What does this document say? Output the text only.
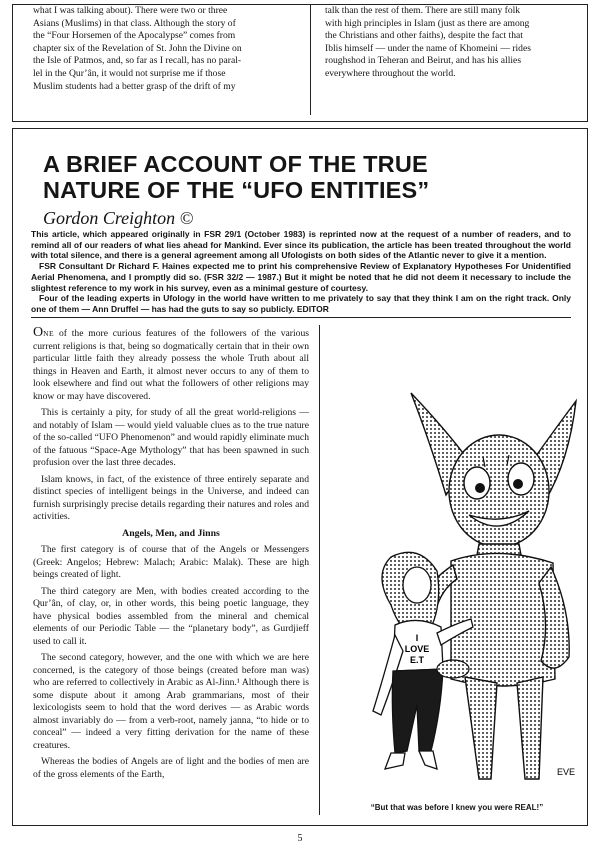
what I was talking about). There were two or three

Asians (Muslims) in that class. Although the story of

the “Four Horsemen of the Apocalypse” comes from

chapter six of the Revelation of St. John the Divine on

the Isle of Patmos, and, so far as I recall, has no paral-

lel in the Qur’ân, it would not surprise me if those

Muslim students had a better grasp of the drift of my

talk than the rest of them. There are still many folk

with high principles in Islam (just as there are among

the Christians and other faiths), despite the fact that

Iblis himself — under the name of Khomeini — rides

roughshod in Teheran and Beirut, and has his allies

everywhere throughout the world.

A BRIEF ACCOUNT OF THE TRUE
NATURE OF THE “UFO ENTITIES”
Gordon Creighton ©

This article, which appeared originally in FSR 29/1 (October 1983) is reprinted now at the request of a number of readers, and to remind all of our readers of what lies ahead for Mankind. Ever since its publication, the article has been treated throughout the world with total silence, and there is a general agreement among all Ufologists on both sides of the Atlantic never to give it a mention.

FSR Consultant Dr Richard F. Haines expected me to print his comprehensive Review of Explanatory Hypotheses For Unidentified Aerial Phenomena, and I promptly did so. (FSR 32/2 — 1987.) But it might be noted that he did not deem it necessary to include the slightest reference to my work in his survey, even as a minimal gesture of courtesy.

Four of the leading experts in Ufology in the world have written to me privately to say that they think I am on the right track. Only one of them — Ann Druffel — has had the guts to say so publicly. EDITOR

ONE of the more curious features of the followers of the various current religions is that, being so dogmatically certain that in their own particular little faith they already possess the whole Truth about all things in Heaven and Earth, it almost never occurs to any of them to look elsewhere and find out what the followers of other religions may know or may have discovered.

This is certainly a pity, for study of all the great world-religions — and notably of Islam — would yield valuable clues as to the true nature of the so-called “UFO Phenomenon” and would rapidly eliminate much of the fatuous “Space-Age Mythology” that has been spawned in such profusion over the last three decades.

Islam knows, in fact, of the existence of three entirely separate and distinct species of intelligent beings in the Universe, and indeed can furnish surprisingly precise details regarding their natures and roles and activities.

Angels, Men, and Jinns

The first category is of course that of the Angels or Messengers (Greek: Angelos; Hebrew: Malach; Arabic: Malak). These are high beings created of light.

The third category are Men, with bodies created according to the Qur’ân, of clay, or, in other words, this being poetic language, they have physical bodies assembled from the mineral and chemical elements of our Periodic Table — the “planetary body”, as Gurdjieff used to call it.

The second category, however, and the one with which we are here concerned, is the category of those beings (created before man was) who are referred to collectively in Arabic as Al-Jinn.¹ Although there is some dispute about it among Arab grammarians, most of their lexicologists seem to hold that the word derives — as Arabic words almost invariably do — from a verb-root, namely janna, “to hide or to conceal” — indeed a very fitting derivation for the name of these creatures.

Whereas the bodies of Angels are of light and the bodies of men are of the gross elements of the Earth,

I
LOVE
E.T
EVE
“But that was before I knew you were REAL!”
5
